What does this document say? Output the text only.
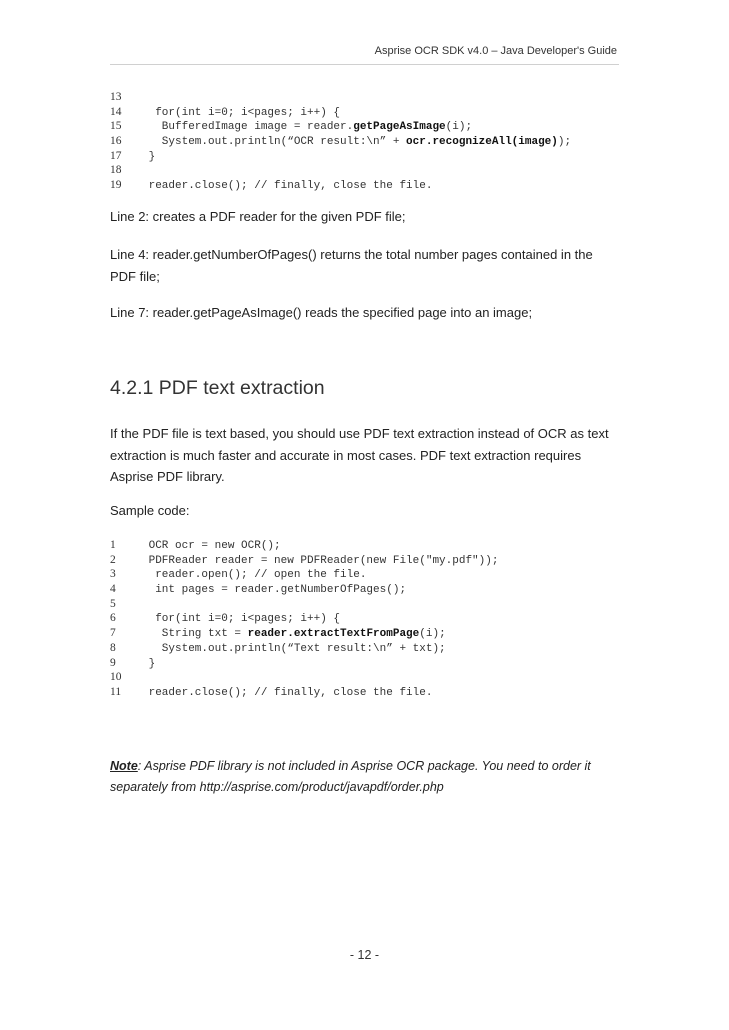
Asprise OCR SDK v4.0 – Java Developer's Guide
13
14  for(int i=0; i<pages; i++) {
15   BufferedImage image = reader.getPageAsImage(i);
16   System.out.println(“OCR result:\n” + ocr.recognizeAll(image));
17 }
18
19 reader.close(); // finally, close the file.
Line 2: creates a PDF reader for the given PDF file;
Line 4: reader.getNumberOfPages() returns the total number pages contained in the PDF file;
Line 7: reader.getPageAsImage() reads the specified page into an image;
4.2.1 PDF text extraction
If the PDF file is text based, you should use PDF text extraction instead of OCR as text extraction is much faster and accurate in most cases. PDF text extraction requires Asprise PDF library.
Sample code:
1 OCR ocr = new OCR();
2 PDFReader reader = new PDFReader(new File("my.pdf"));
3  reader.open(); // open the file.
4  int pages = reader.getNumberOfPages();
5
6  for(int i=0; i<pages; i++) {
7   String txt = reader.extractTextFromPage(i);
8   System.out.println(“Text result:\n” + txt);
9 }
10
11 reader.close(); // finally, close the file.
Note: Asprise PDF library is not included in Asprise OCR package. You need to order it separately from http://asprise.com/product/javapdf/order.php
- 12 -
